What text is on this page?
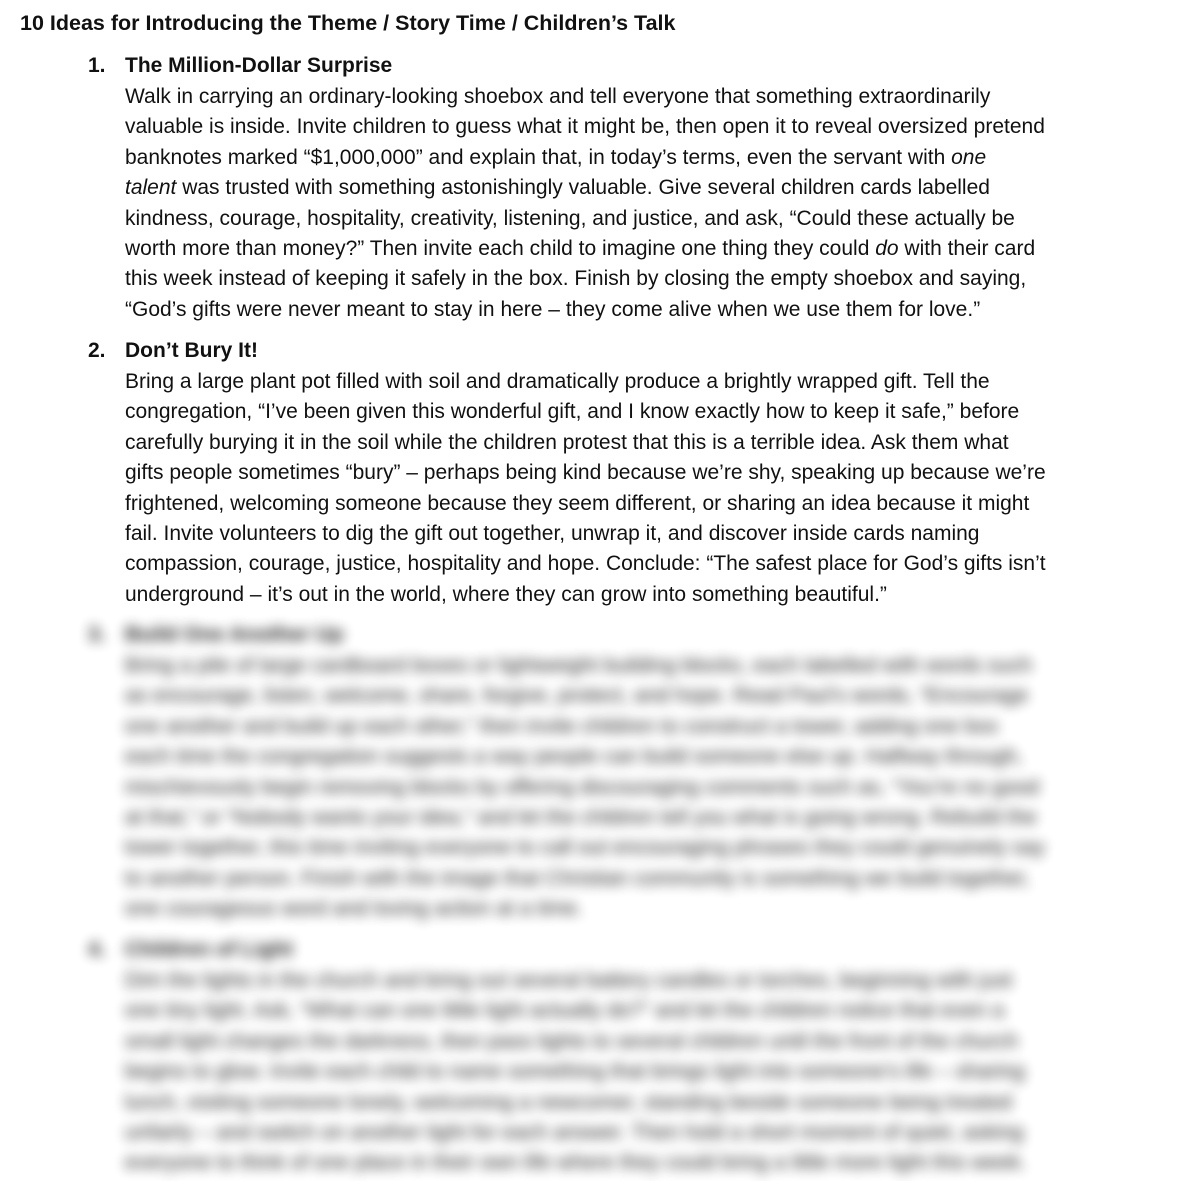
10 Ideas for Introducing the Theme / Story Time / Children’s Talk
1. The Million-Dollar Surprise

Walk in carrying an ordinary-looking shoebox and tell everyone that something extraordinarily
valuable is inside. Invite children to guess what it might be, then open it to reveal oversized pretend
banknotes marked “$1,000,000” and explain that, in today’s terms, even the servant with one
talent was trusted with something astonishingly valuable. Give several children cards labelled
kindness, courage, hospitality, creativity, listening, and justice, and ask, “Could these actually be
worth more than money?” Then invite each child to imagine one thing they could do with their card
this week instead of keeping it safely in the box. Finish by closing the empty shoebox and saying,
“God’s gifts were never meant to stay in here – they come alive when we use them for love.”

2. Don’t Bury It!

Bring a large plant pot filled with soil and dramatically produce a brightly wrapped gift. Tell the
congregation, “I’ve been given this wonderful gift, and I know exactly how to keep it safe,” before
carefully burying it in the soil while the children protest that this is a terrible idea. Ask them what
gifts people sometimes “bury” – perhaps being kind because we’re shy, speaking up because we’re
frightened, welcoming someone because they seem different, or sharing an idea because it might
fail. Invite volunteers to dig the gift out together, unwrap it, and discover inside cards naming
compassion, courage, justice, hospitality and hope. Conclude: “The safest place for God’s gifts isn’t
underground – it’s out in the world, where they can grow into something beautiful.”

3. Build One Another Up

Bring a pile of large cardboard boxes or lightweight building blocks, each labelled with words such
as encourage, listen, welcome, share, forgive, protect, and hope. Read Paul’s words, “Encourage
one another and build up each other,” then invite children to construct a tower, adding one box
each time the congregation suggests a way people can build someone else up. Halfway through,
mischievously begin removing blocks by offering discouraging comments such as, “You’re no good
at that,” or “Nobody wants your idea,” and let the children tell you what is going wrong. Rebuild the
tower together, this time inviting everyone to call out encouraging phrases they could genuinely say
to another person. Finish with the image that Christian community is something we build together,
one courageous word and loving action at a time.

4. Children of Light

Dim the lights in the church and bring out several battery candles or torches, beginning with just
one tiny light. Ask, “What can one little light actually do?” and let the children notice that even a
small light changes the darkness, then pass lights to several children until the front of the church
begins to glow. Invite each child to name something that brings light into someone’s life – sharing
lunch, visiting someone lonely, welcoming a newcomer, standing beside someone being treated
unfairly – and switch on another light for each answer. Then hold a short moment of quiet, asking
everyone to think of one place in their own life where they could bring a little more light this week.
